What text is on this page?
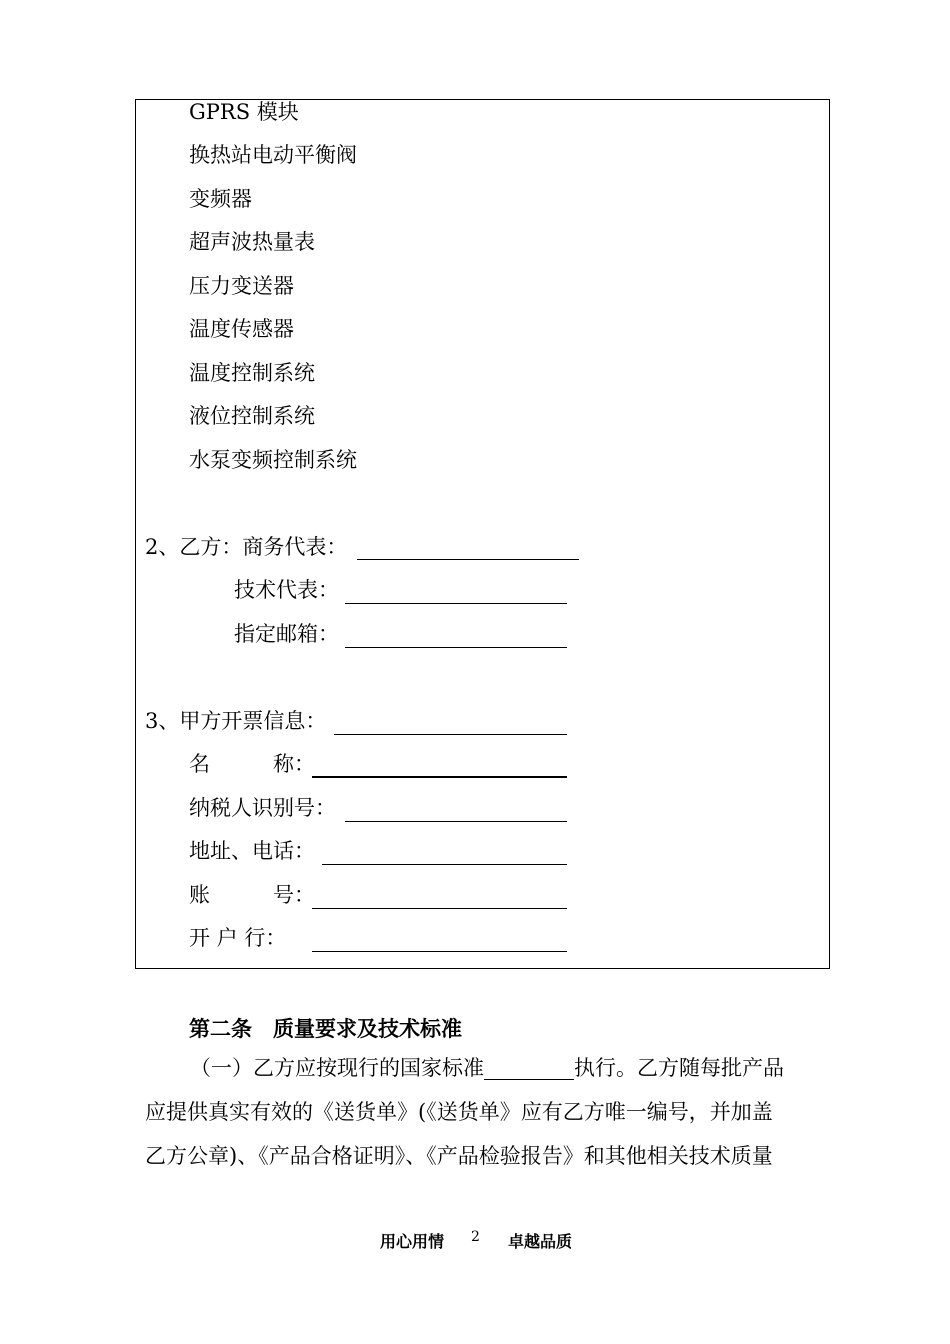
GPRS 模块
换热站电动平衡阀
变频器
超声波热量表
压力变送器
温度传感器
温度控制系统
液位控制系统
水泵变频控制系统
2、乙方：商务代表：
技术代表：
指定邮箱：
3、甲方开票信息：
名　　　称：
纳税人识别号：
地址、电话：
账　　　号：
开 户 行：
第二条　质量要求及技术标准
（一）乙方应按现行的国家标准	执行。乙方随每批产品
应提供真实有效的《送货单》(《送货单》应有乙方唯一编号，并加盖
乙方公章)、《产品合格证明》、《产品检验报告》和其他相关技术质量
用心用情 2 卓越品质
